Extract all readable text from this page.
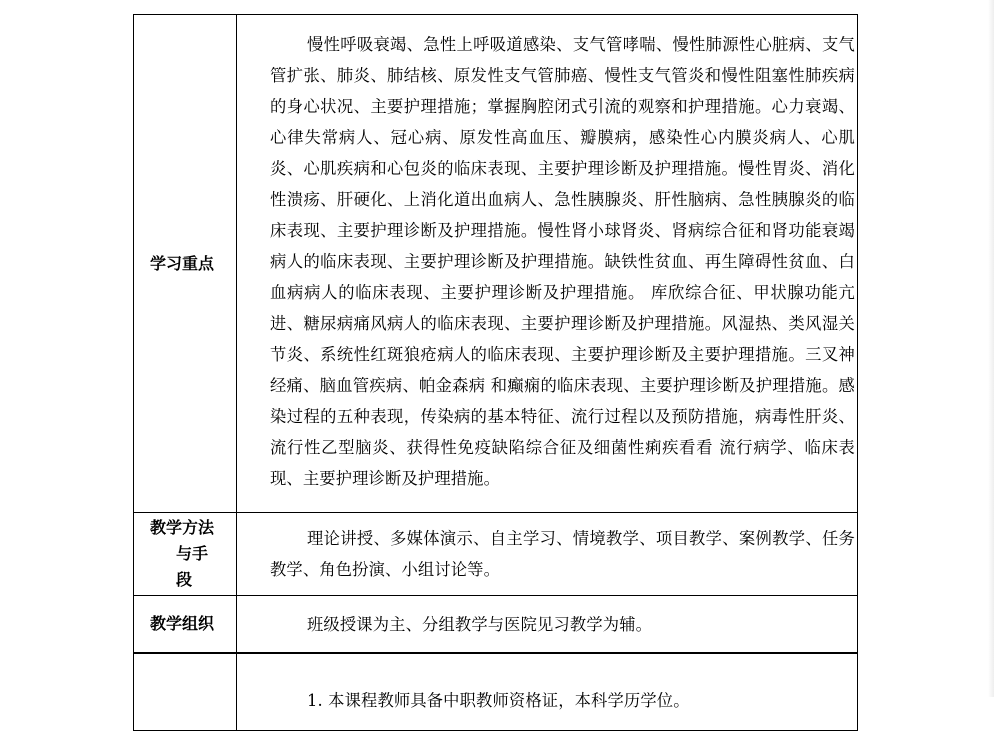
学习重点	慢性呼吸衰竭、急性上呼吸道感染、支气管哮喘、慢性肺源性心脏病、支气管扩张、肺炎、肺结核、原发性支气管肺癌、慢性支气管炎和慢性阻塞性肺疾病的身心状况、主要护理措施；掌握胸腔闭式引流的观察和护理措施。心力衰竭、心律失常病人、冠心病、原发性高血压、瓣膜病，感染性心内膜炎病人、心肌炎、心肌疾病和心包炎的临床表现、主要护理诊断及护理措施。慢性胃炎、消化性溃疡、肝硬化、上消化道出血病人、急性胰腺炎、肝性脑病、急性胰腺炎的临床表现、主要护理诊断及护理措施。慢性肾小球肾炎、肾病综合征和肾功能衰竭病人的临床表现、主要护理诊断及护理措施。缺铁性贫血、再生障碍性贫血、白血病病人的临床表现、主要护理诊断及护理措施。 库欣综合征、甲状腺功能亢进、糖尿病痛风病人的临床表现、主要护理诊断及护理措施。风湿热、类风湿关节炎、系统性红斑狼疮病人的临床表现、主要护理诊断及主要护理措施。三叉神经痛、脑血管疾病、帕金森病 和癫痫的临床表现、主要护理诊断及护理措施。感染过程的五种表现，传染病的基本特征、流行过程以及预防措施，病毒性肝炎、流行性乙型脑炎、获得性免疫缺陷综合征及细菌性痢疾看看 流行病学、临床表现、主要护理诊断及护理措施。

教学方法
与手段	理论讲授、多媒体演示、自主学习、情境教学、项目教学、案例教学、任务教学、角色扮演、小组讨论等。

教学组织	班级授课为主、分组教学与医院见习教学为辅。

	1. 本课程教师具备中职教师资格证，本科学历学位。
